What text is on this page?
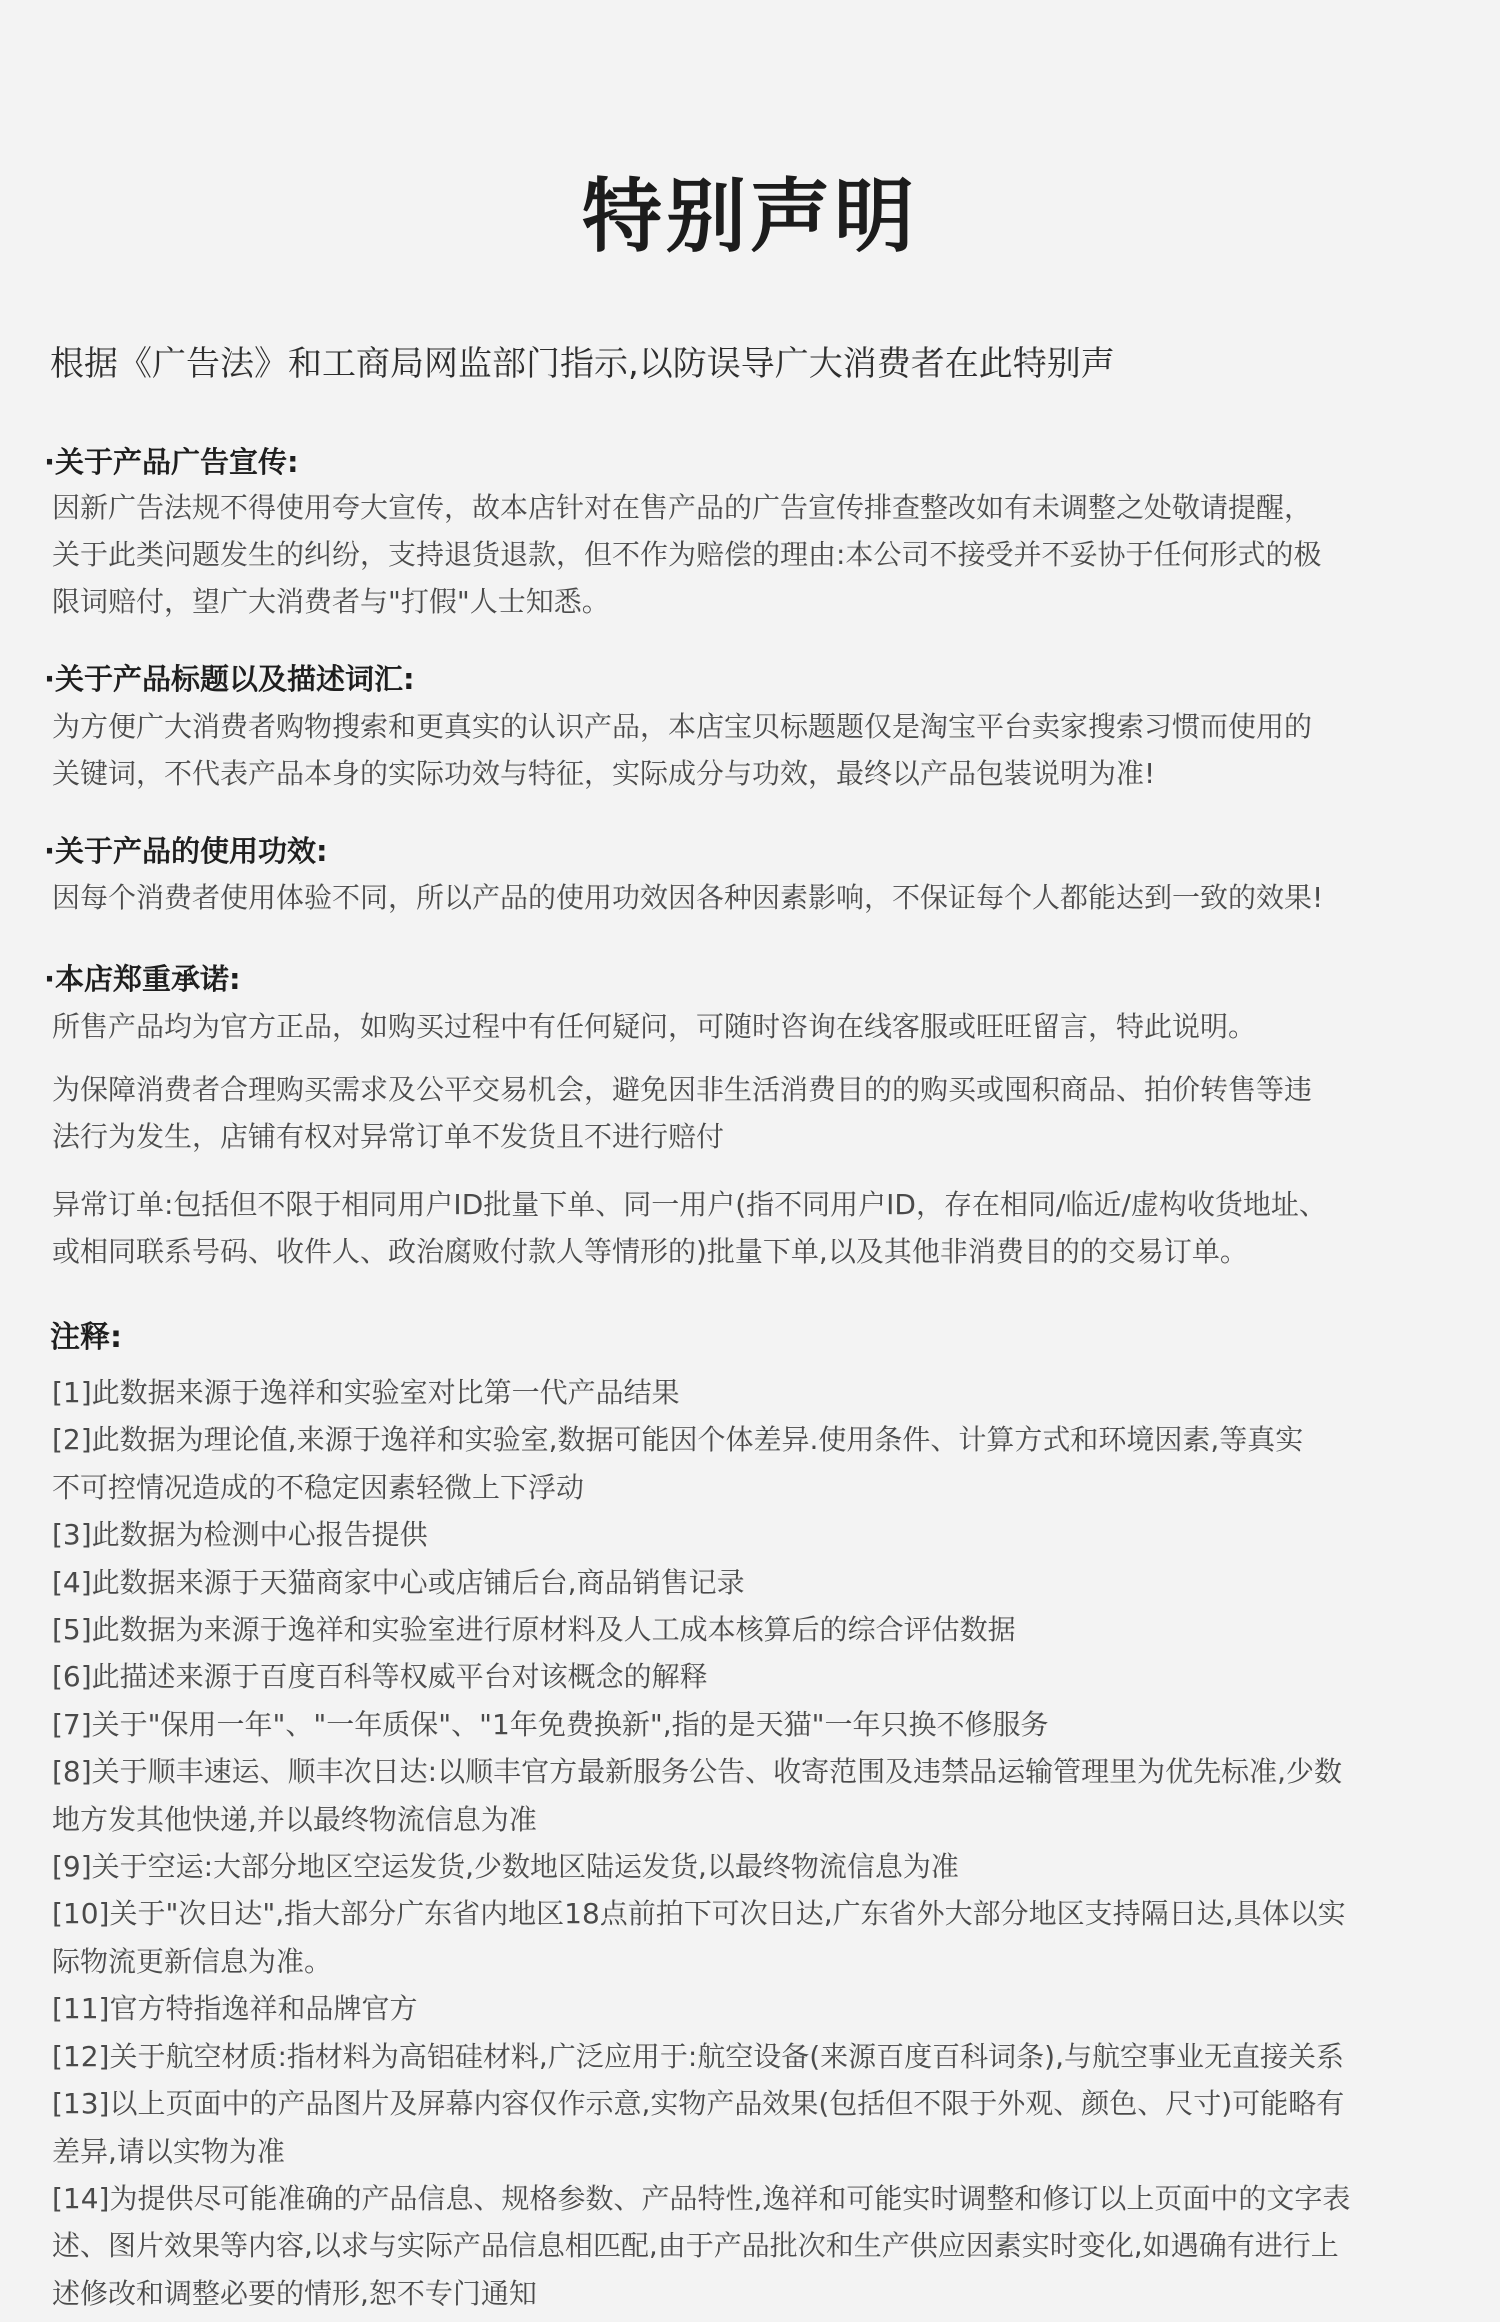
特别声明

根据《广告法》和工商局网监部门指示,以防误导广大消费者在此特别声

·关于产品广告宣传:

因新广告法规不得使用夸大宣传，故本店针对在售产品的广告宣传排查整改如有未调整之处敬请提醒，
关于此类问题发生的纠纷，支持退货退款，但不作为赔偿的理由:本公司不接受并不妥协于任何形式的极
限词赔付，望广大消费者与"打假"人士知悉。

·关于产品标题以及描述词汇:

为方便广大消费者购物搜索和更真实的认识产品，本店宝贝标题题仅是淘宝平台卖家搜索习惯而使用的
关键词，不代表产品本身的实际功效与特征，实际成分与功效，最终以产品包装说明为准!

·关于产品的使用功效:

因每个消费者使用体验不同，所以产品的使用功效因各种因素影响，不保证每个人都能达到一致的效果!

·本店郑重承诺:

所售产品均为官方正品，如购买过程中有任何疑问，可随时咨询在线客服或旺旺留言，特此说明。

为保障消费者合理购买需求及公平交易机会，避免因非生活消费目的的购买或囤积商品、拍价转售等违
法行为发生，店铺有权对异常订单不发货且不进行赔付

异常订单:包括但不限于相同用户ID批量下单、同一用户(指不同用户ID，存在相同/临近/虚构收货地址、
或相同联系号码、收件人、政治腐败付款人等情形的)批量下单,以及其他非消费目的的交易订单。

注释:
[1]此数据来源于逸祥和实验室对比第一代产品结果
[2]此数据为理论值,来源于逸祥和实验室,数据可能因个体差异.使用条件、计算方式和环境因素,等真实
不可控情况造成的不稳定因素轻微上下浮动
[3]此数据为检测中心报告提供
[4]此数据来源于天猫商家中心或店铺后台,商品销售记录
[5]此数据为来源于逸祥和实验室进行原材料及人工成本核算后的综合评估数据
[6]此描述来源于百度百科等权威平台对该概念的解释
[7]关于"保用一年"、"一年质保"、"1年免费换新",指的是天猫"一年只换不修服务
[8]关于顺丰速运、顺丰次日达:以顺丰官方最新服务公告、收寄范围及违禁品运输管理里为优先标准,少数
地方发其他快递,并以最终物流信息为准
[9]关于空运:大部分地区空运发货,少数地区陆运发货,以最终物流信息为准
[10]关于"次日达",指大部分广东省内地区18点前拍下可次日达,广东省外大部分地区支持隔日达,具体以实
际物流更新信息为准。
[11]官方特指逸祥和品牌官方
[12]关于航空材质:指材料为高铝硅材料,广泛应用于:航空设备(来源百度百科词条),与航空事业无直接关系
[13]以上页面中的产品图片及屏幕内容仅作示意,实物产品效果(包括但不限于外观、颜色、尺寸)可能略有
差异,请以实物为准
[14]为提供尽可能准确的产品信息、规格参数、产品特性,逸祥和可能实时调整和修订以上页面中的文字表
述、图片效果等内容,以求与实际产品信息相匹配,由于产品批次和生产供应因素实时变化,如遇确有进行上
述修改和调整必要的情形,恕不专门通知
